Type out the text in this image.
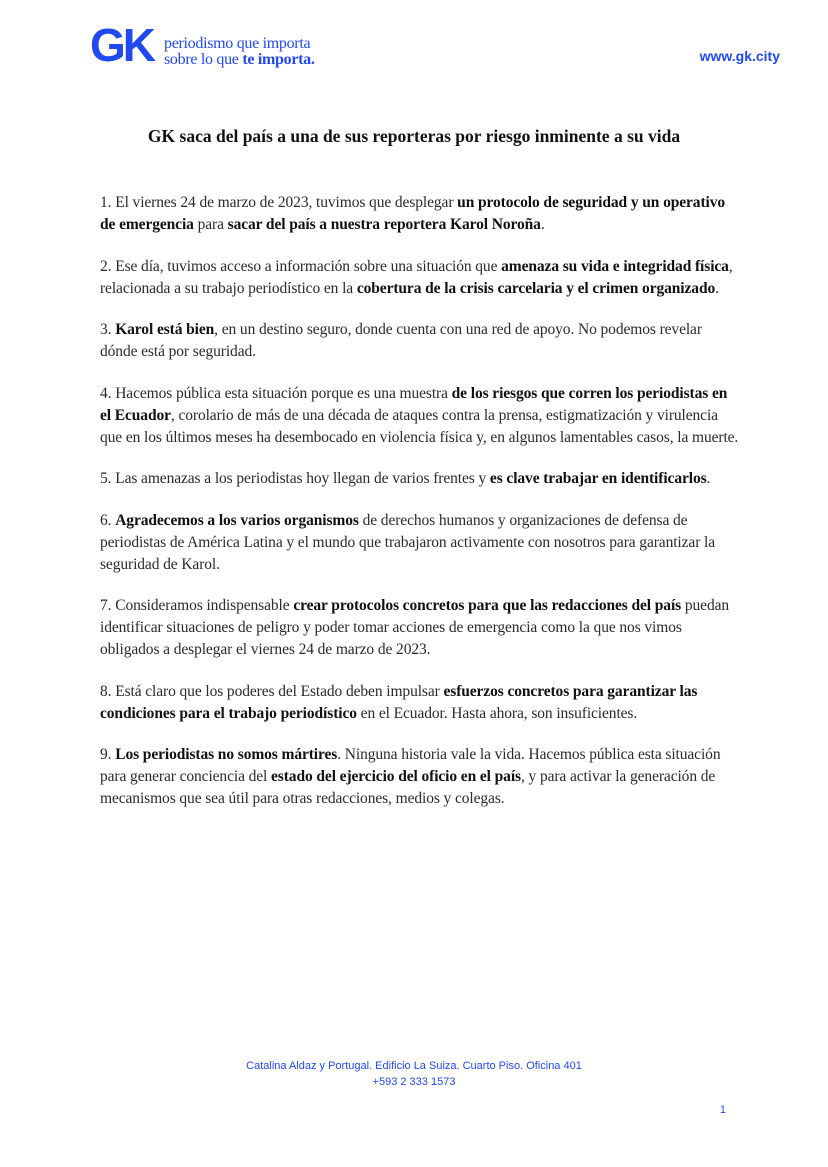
GK periodismo que importa
sobre lo que te importa.	www.gk.city
GK saca del país a una de sus reporteras por riesgo inminente a su vida

1. El viernes 24 de marzo de 2023, tuvimos que desplegar un protocolo de seguridad y un operativo de emergencia para sacar del país a nuestra reportera Karol Noroña.

2. Ese día, tuvimos acceso a información sobre una situación que amenaza su vida e integridad física, relacionada a su trabajo periodístico en la cobertura de la crisis carcelaria y el crimen organizado.

3. Karol está bien, en un destino seguro, donde cuenta con una red de apoyo. No podemos revelar dónde está por seguridad.

4. Hacemos pública esta situación porque es una muestra de los riesgos que corren los periodistas en el Ecuador, corolario de más de una década de ataques contra la prensa, estigmatización y virulencia que en los últimos meses ha desembocado en violencia física y, en algunos lamentables casos, la muerte.

5. Las amenazas a los periodistas hoy llegan de varios frentes y es clave trabajar en identificarlos.

6. Agradecemos a los varios organismos de derechos humanos y organizaciones de defensa de periodistas de América Latina y el mundo que trabajaron activamente con nosotros para garantizar la seguridad de Karol.

7. Consideramos indispensable crear protocolos concretos para que las redacciones del país puedan identificar situaciones de peligro y poder tomar acciones de emergencia como la que nos vimos obligados a desplegar el viernes 24 de marzo de 2023.

8. Está claro que los poderes del Estado deben impulsar esfuerzos concretos para garantizar las condiciones para el trabajo periodístico en el Ecuador. Hasta ahora, son insuficientes.

9. Los periodistas no somos mártires. Ninguna historia vale la vida. Hacemos pública esta situación para generar conciencia del estado del ejercicio del oficio en el país, y para activar la generación de mecanismos que sea útil para otras redacciones, medios y colegas.

Catalina Aldaz y Portugal. Edificio La Suiza. Cuarto Piso. Oficina 401
+593 2 333 1573
1
